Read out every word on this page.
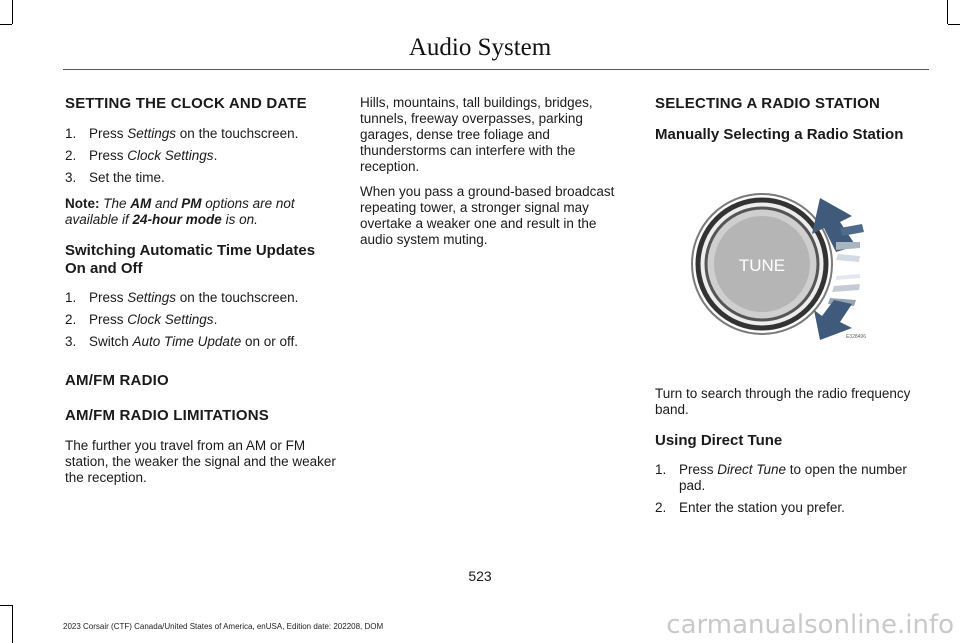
Audio System
SETTING THE CLOCK AND DATE
1. Press Settings on the touchscreen.
2. Press Clock Settings.
3. Set the time.
Note: The AM and PM options are not available if 24-hour mode is on.
Switching Automatic Time Updates On and Off
1. Press Settings on the touchscreen.
2. Press Clock Settings.
3. Switch Auto Time Update on or off.
AM/FM RADIO
AM/FM RADIO LIMITATIONS
The further you travel from an AM or FM station, the weaker the signal and the weaker the reception.
Hills, mountains, tall buildings, bridges, tunnels, freeway overpasses, parking garages, dense tree foliage and thunderstorms can interfere with the reception.
When you pass a ground-based broadcast repeating tower, a stronger signal may overtake a weaker one and result in the audio system muting.
SELECTING A RADIO STATION
Manually Selecting a Radio Station
TUNE
E328496
Turn to search through the radio frequency band.
Using Direct Tune
1. Press Direct Tune to open the number pad.
2. Enter the station you prefer.
523
2023 Corsair (CTF) Canada/United States of America, enUSA, Edition date: 202208, DOM	carmanualsonline.info
